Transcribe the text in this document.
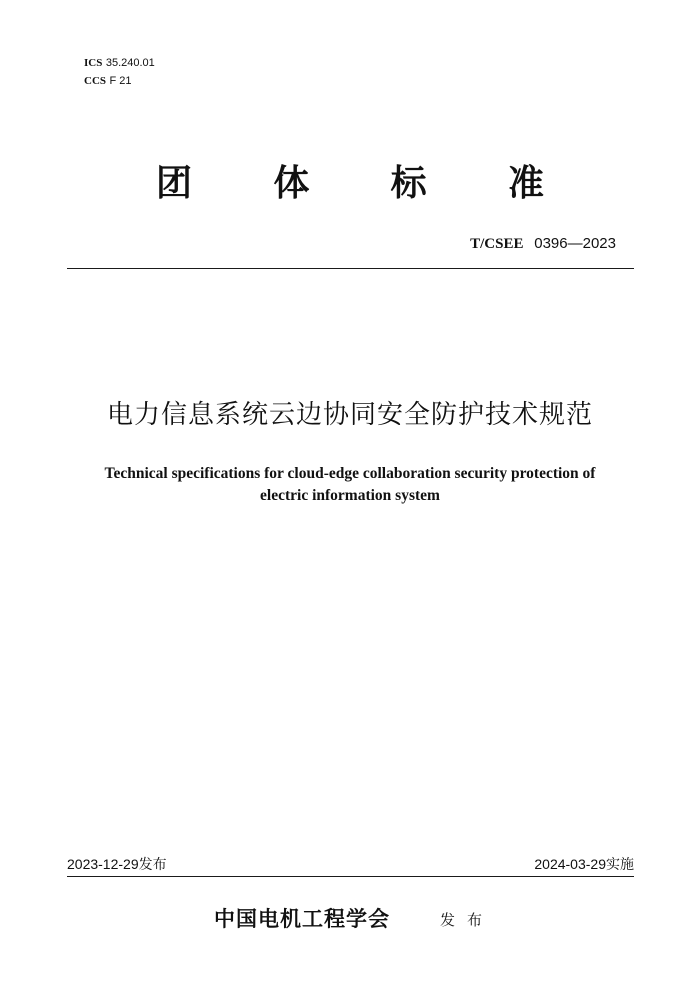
ICS 35.240.01
CCS F 21
团 体 标 准
T/CSEE 0396—2023
电力信息系统云边协同安全防护技术规范
Technical specifications for cloud-edge collaboration security protection of electric information system
2023-12-29发布	2024-03-29实施
中国电机工程学会	发布
